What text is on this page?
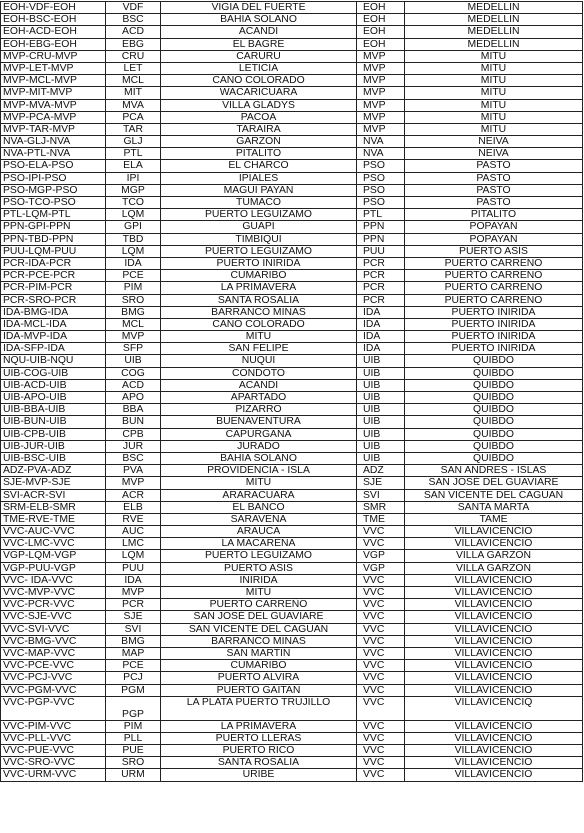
EOH-VDF-EOH	VDF	VIGIA DEL FUERTE	EOH	MEDELLIN
EOH-BSC-EOH	BSC	BAHIA SOLANO	EOH	MEDELLIN
EOH-ACD-EOH	ACD	ACANDI	EOH	MEDELLIN
EOH-EBG-EOH	EBG	EL BAGRE	EOH	MEDELLIN
MVP-CRU-MVP	CRU	CARURU	MVP	MITU
MVP-LET-MVP	LET	LETICIA	MVP	MITU
MVP-MCL-MVP	MCL	CAÑO COLORADO	MVP	MITU
MVP-MIT-MVP	MIT	WACARICUARA	MVP	MITU
MVP-MVA-MVP	MVA	VILLA GLADYS	MVP	MITU
MVP-PCA-MVP	PCA	PACOA	MVP	MITU
MVP-TAR-MVP	TAR	TARAIRA	MVP	MITU
NVA-GLJ-NVA	GLJ	GARZON	NVA	NEIVA
NVA-PTL-NVA	PTL	PITALITO	NVA	NEIVA
PSO-ELA-PSO	ELA	EL CHARCO	PSO	PASTO
PSO-IPI-PSO	IPI	IPIALES	PSO	PASTO
PSO-MGP-PSO	MGP	MAGUI PAYAN	PSO	PASTO
PSO-TCO-PSO	TCO	TUMACO	PSO	PASTO
PTL-LQM-PTL	LQM	PUERTO LEGUIZAMO	PTL	PITALITO
PPN-GPI-PPN	GPI	GUAPI	PPN	POPAYAN
PPN-TBD-PPN	TBD	TIMBIQUI	PPN	POPAYAN
PUU-LQM-PUU	LQM	PUERTO LEGUIZAMO	PUU	PUERTO ASÍS
PCR-IDA-PCR	IDA	PUERTO INIRIDA	PCR	PUERTO CARRENO
PCR-PCE-PCR	PCE	CUMARIBO	PCR	PUERTO CARRENO
PCR-PIM-PCR	PIM	LA PRIMAVERA	PCR	PUERTO CARRENO
PCR-SRO-PCR	SRO	SANTA ROSALIA	PCR	PUERTO CARRENO
IDA-BMG-IDA	BMG	BARRANCO MINAS	IDA	PUERTO INIRIDA
IDA-MCL-IDA	MCL	CAÑO COLORADO	IDA	PUERTO INIRIDA
IDA-MVP-IDA	MVP	MITU	IDA	PUERTO INIRIDA
IDA-SFP-IDA	SFP	SAN FELIPE	IDA	PUERTO INIRIDA
NQU-UIB-NQU	UIB	NUQUI	UIB	QUIBDO
UIB-COG-UIB	COG	CONDOTO	UIB	QUIBDO
UIB-ACD-UIB	ACD	ACANDI	UIB	QUIBDO
UIB-APO-UIB	APO	APARTADO	UIB	QUIBDO
UIB-BBA-UIB	BBA	PIZARRO	UIB	QUIBDO
UIB-BUN-UIB	BUN	BUENAVENTURA	UIB	QUIBDO
UIB-CPB-UIB	CPB	CAPURGANA	UIB	QUIBDO
UIB-JUR-UIB	JUR	JURADO	UIB	QUIBDO
UIB-BSC-UIB	BSC	BAHIA SOLANO	UIB	QUIBDO
ADZ-PVA-ADZ	PVA	PROVIDENCIA - ISLA	ADZ	SAN ANDRES - ISLAS
SJE-MVP-SJE	MVP	MITÚ	SJE	SAN JOSÉ DEL GUAVIARE
SVI-ACR-SVI	ACR	ARARACUARA	SVI	SAN VICENTE DEL CAGUAN
SRM-ELB-SMR	ELB	EL BANCO	SMR	SANTA MARTA
TME-RVE-TME	RVE	SARAVENA	TME	TAME
VVC-AUC-VVC	AUC	ARAUCA	VVC	VILLAVICENCIO
VVC-LMC-VVC	LMC	LA MACARENA	VVC	VILLAVICENCIO
VGP-LQM-VGP	LQM	PUERTO LEGUIZAMO	VGP	VILLA GARZON
VGP-PUU-VGP	PUU	PUERTO ASIS	VGP	VILLA GARZON
VVC- IDA-VVC	IDA	INÍRIDA	VVC	VILLAVICENCIO
VVC-MVP-VVC	MVP	MITÚ	VVC	VILLAVICENCIO
VVC-PCR-VVC	PCR	PUERTO CARREÑO	VVC	VILLAVICENCIO
VVC-SJE-VVC	SJE	SAN JOSÉ DEL GUAVIARE	VVC	VILLAVICENCIO
VVC-SVI-VVC	SVI	SAN VICENTE DEL CAGUAN	VVC	VILLAVICENCIO
VVC-BMG-VVC	BMG	BARRANCO MINAS	VVC	VILLAVICENCIO
VVC-MAP-VVC	MAP	SAN MARTIN	VVC	VILLAVICENCIO
VVC-PCE-VVC	PCE	CUMARIBO	VVC	VILLAVICENCIO
VVC-PCJ-VVC	PCJ	PUERTO ALVIRA	VVC	VILLAVICENCIO
VVC-PGM-VVC	PGM	PUERTO GAITAN	VVC	VILLAVICENCIO
VVC-PGP-VVC	PGP	LA PLATA PUERTO TRUJILLO	VVC	VILLAVICENCIQ
VVC-PIM-VVC	PIM	LA PRIMAVERA	VVC	VILLAVICENCIO
VVC-PLL-VVC	PLL	PUERTO LLERAS	VVC	VILLAVICENCIO
VVC-PUE-VVC	PUE	PUERTO RICO	VVC	VILLAVICENCIO
VVC-SRO-VVC	SRO	SANTA ROSALIA	VVC	VILLAVICENCIO
VVC-URM-VVC	URM	URIBE	VVC	VILLAVICENCIO
